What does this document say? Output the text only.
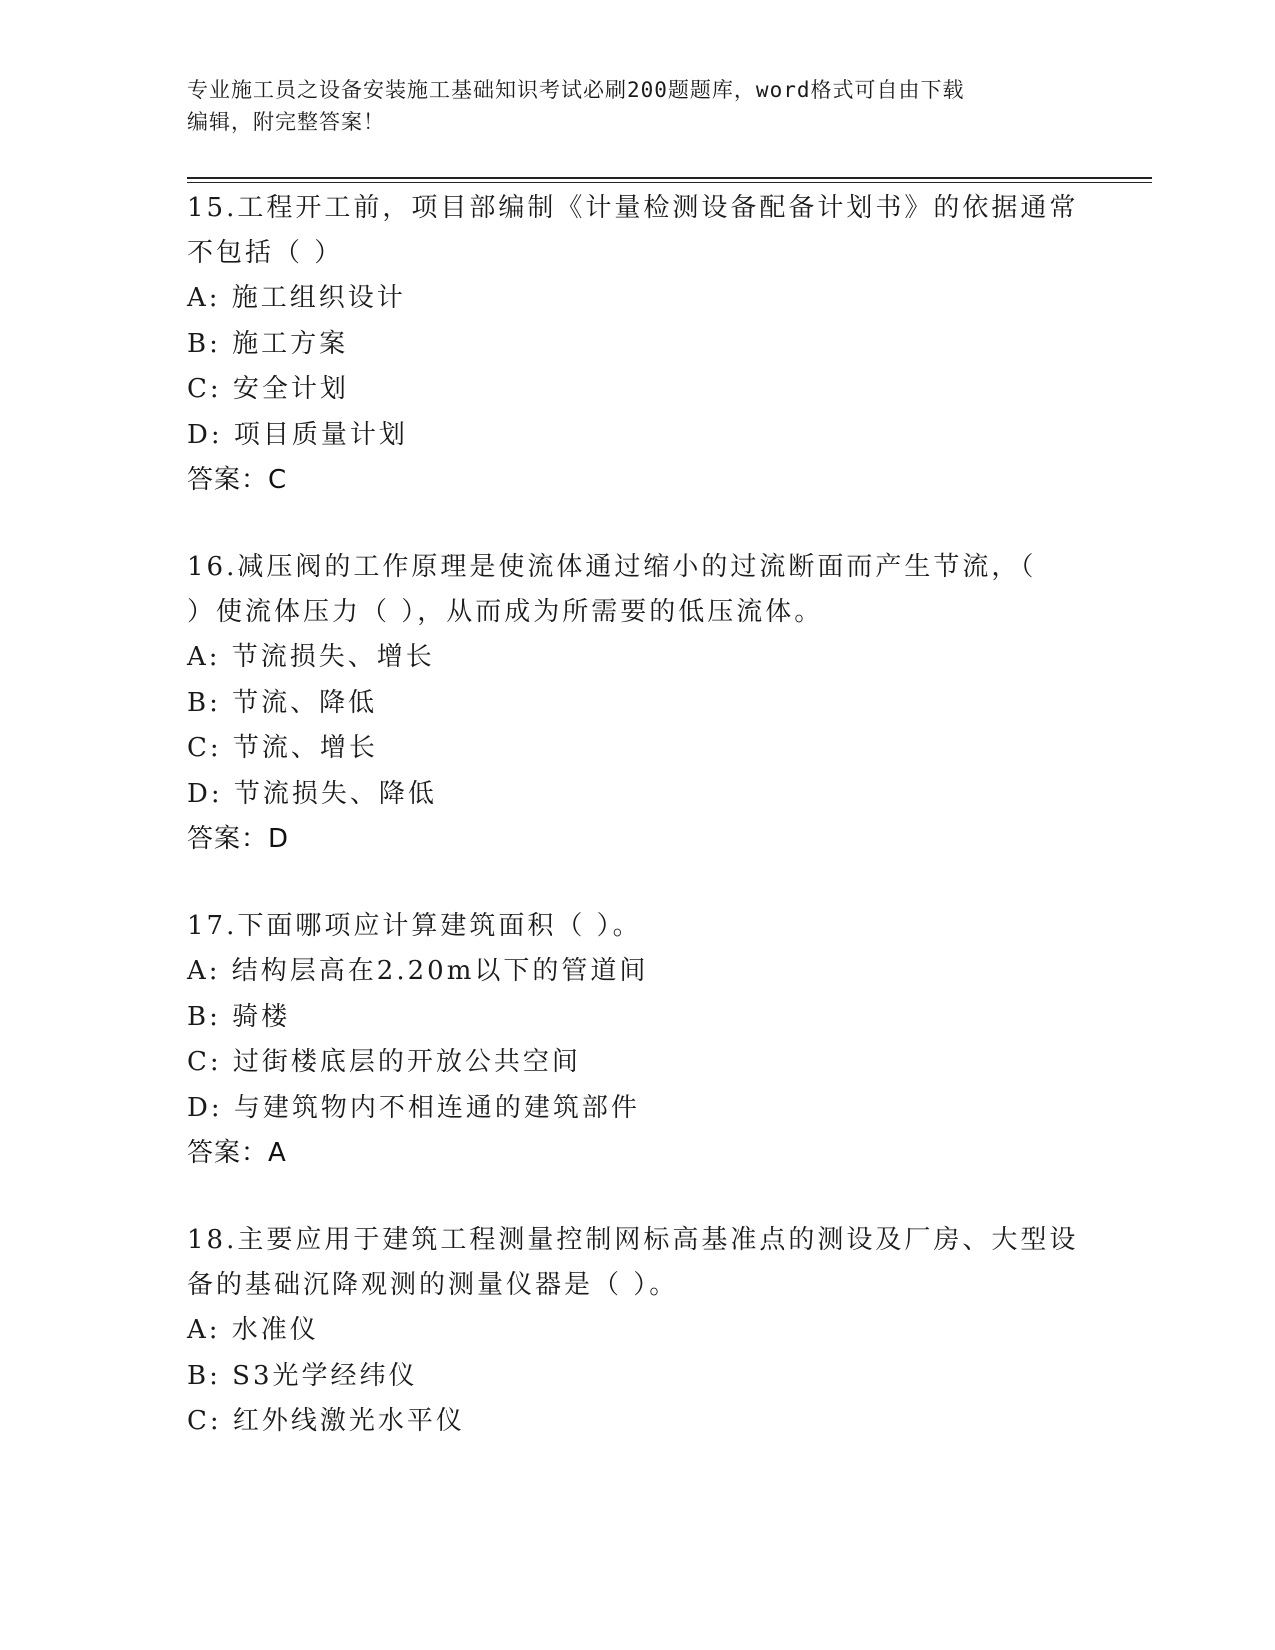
专业施工员之设备安装施工基础知识考试必刷200题题库，word格式可自由下载
编辑，附完整答案！
15.工程开工前，项目部编制《计量检测设备配备计划书》的依据通常
不包括（ ）
A: 施工组织设计
B: 施工方案
C: 安全计划
D: 项目质量计划
答案：C
16.减压阀的工作原理是使流体通过缩小的过流断面而产生节流，（
）使流体压力（ ），从而成为所需要的低压流体。
A: 节流损失、增长
B: 节流、降低
C: 节流、增长
D: 节流损失、降低
答案：D
17.下面哪项应计算建筑面积（ ）。
A: 结构层高在2.20m以下的管道间
B: 骑楼
C: 过街楼底层的开放公共空间
D: 与建筑物内不相连通的建筑部件
答案：A
18.主要应用于建筑工程测量控制网标高基准点的测设及厂房、大型设
备的基础沉降观测的测量仪器是（ ）。
A: 水准仪
B: S3光学经纬仪
C: 红外线激光水平仪
